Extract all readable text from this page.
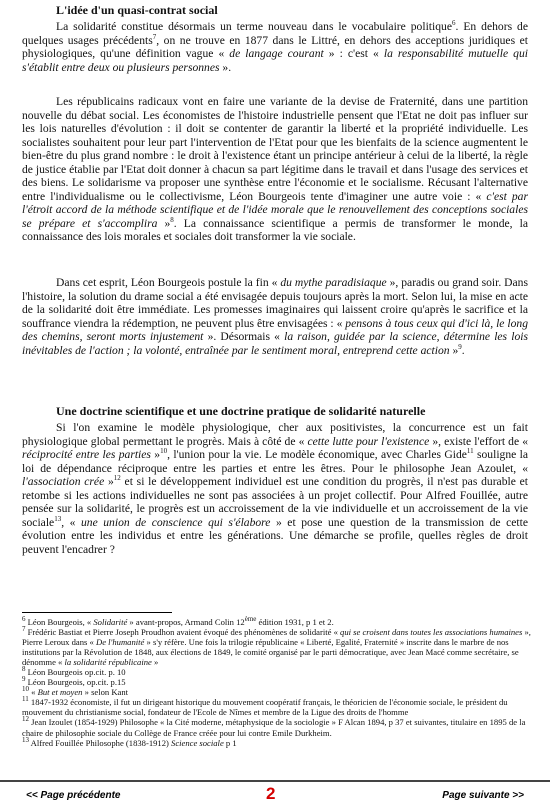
L'idée d'un quasi-contrat social

La solidarité constitue désormais un terme nouveau dans le vocabulaire politique$^6$. En dehors de quelques usages précédents$^7$, on ne trouve en 1877 dans le Littré, en dehors des acceptions juridiques et physiologiques, qu'une définition vague « de langage courant » : c'est « la responsabilité mutuelle qui s'établit entre deux ou plusieurs personnes ».

Les républicains radicaux vont en faire une variante de la devise de Fraternité, dans une partition nouvelle du débat social. Les économistes de l'histoire industrielle pensent que l'Etat ne doit pas influer sur les lois naturelles d'évolution : il doit se contenter de garantir la liberté et la propriété individuelle. Les socialistes souhaitent pour leur part l'intervention de l'Etat pour que les bienfaits de la science augmentent le bien-être du plus grand nombre : le droit à l'existence étant un principe antérieur à celui de la liberté, la règle de justice établie par l'Etat doit donner à chacun sa part légitime dans le travail et dans l'usage des services et des biens. Le solidarisme va proposer une synthèse entre l'économie et le socialisme. Récusant l'alternative entre l'individualisme ou le collectivisme, Léon Bourgeois tente d'imaginer une autre voie : « c'est par l'étroit accord de la méthode scientifique et de l'idée morale que le renouvellement des conceptions sociales se prépare et s'accomplira »$^8$. La connaissance scientifique a permis de transformer le monde, la connaissance des lois morales et sociales doit transformer la vie sociale.

Dans cet esprit, Léon Bourgeois postule la fin « du mythe paradisiaque », paradis ou grand soir. Dans l'histoire, la solution du drame social a été envisagée depuis toujours après la mort. Selon lui, la mise en acte de la solidarité doit être immédiate. Les promesses imaginaires qui laissent croire qu'après le sacrifice et la souffrance viendra la rédemption, ne peuvent plus être envisagées : « pensons à tous ceux qui d'ici là, le long des chemins, seront morts injustement ». Désormais « la raison, guidée par la science, détermine les lois inévitables de l'action ; la volonté, entraînée par le sentiment moral, entreprend cette action »$^9$.

Une doctrine scientifique et une doctrine pratique de solidarité naturelle

Si l'on examine le modèle physiologique, cher aux positivistes, la concurrence est un fait physiologique global permettant le progrès. Mais à côté de « cette lutte pour l'existence », existe l'effort de « réciprocité entre les parties »$^{10}$, l'union pour la vie. Le modèle économique, avec Charles Gide$^{11}$ souligne la loi de dépendance réciproque entre les parties et entre les êtres. Pour le philosophe Jean Azoulet, « l'association crée »$^{12}$ et si le développement individuel est une condition du progrès, il n'est pas durable et retombe si les actions individuelles ne sont pas associées à un projet collectif. Pour Alfred Fouillée, autre pensée sur la solidarité, le progrès est un accroissement de la vie individuelle et un accroissement de la vie sociale$^{13}$, « une union de conscience qui s'élabore » et pose une question de la transmission de cette évolution entre les individus et entre les générations. Une démarche se profile, quelles règles de droit peuvent l'encadrer ?

$^6$ Léon Bourgeois, « Solidarité » avant-propos, Armand Colin 12ème édition 1931, p 1 et 2.
$^7$ Frédéric Bastiat et Pierre Joseph Proudhon avaient évoqué des phénomènes de solidarité « qui se croisent dans toutes les associations humaines », Pierre Leroux dans « De l'humanité » s'y réfère. Une fois la trilogie républicaine « Liberté, Egalité, Fraternité » inscrite dans le marbre de nos institutions par la Révolution de 1848, aux élections de 1849, le comité organisé par le parti démocratique, avec Jean Macé comme secrétaire, se dénomme « la solidarité républicaine »
$^8$ Léon Bourgeois op.cit. p. 10
$^9$ Léon Bourgeois, op.cit. p.15
$^{10}$ « But et moyen » selon Kant
$^{11}$ 1847-1932 économiste, il fut un dirigeant historique du mouvement coopératif français, le théoricien de l'économie sociale, le président du mouvement du christianisme social, fondateur de l'Ecole de Nîmes et membre de la Ligue des droits de l'homme
$^{12}$ Jean Izoulet (1854-1929) Philosophe « la Cité moderne, métaphysique de la sociologie » F Alcan 1894, p 37 et suivantes, titulaire en 1895 de la chaire de philosophie sociale du Collège de France créée pour lui contre Emile Durkheim.
$^{13}$ Alfred Fouillée Philosophe (1838-1912) Science sociale p 1
<< Page précédente	2	Page suivante >>
